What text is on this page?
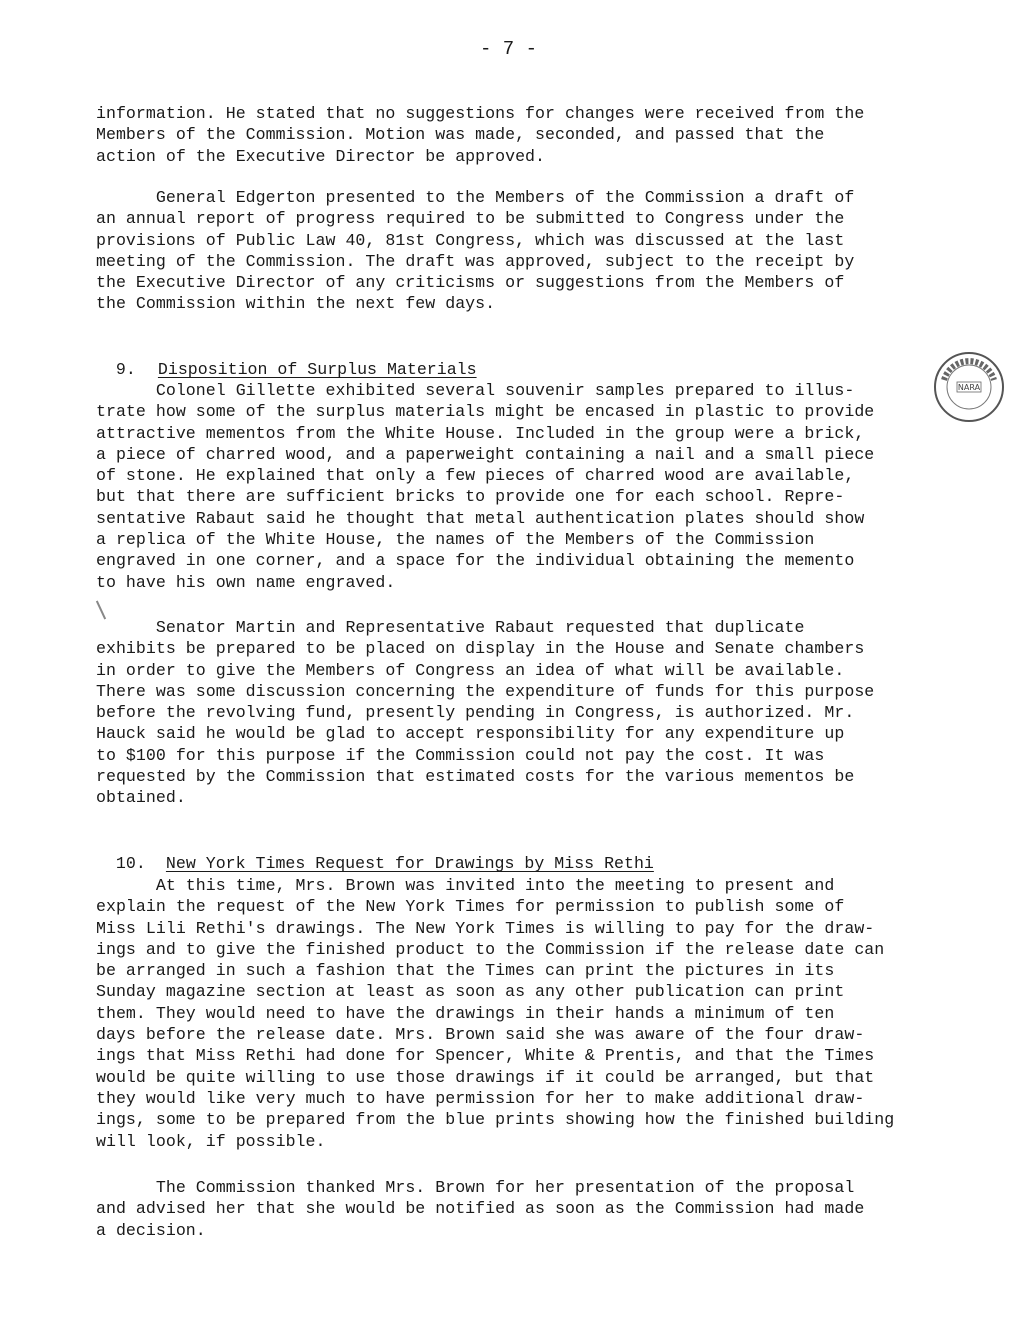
- 7 -
information. He stated that no suggestions for changes were received from the
Members of the Commission. Motion was made, seconded, and passed that the
action of the Executive Director be approved.
General Edgerton presented to the Members of the Commission a draft of
an annual report of progress required to be submitted to Congress under the
provisions of Public Law 40, 81st Congress, which was discussed at the last
meeting of the Commission. The draft was approved, subject to the receipt by
the Executive Director of any criticisms or suggestions from the Members of
the Commission within the next few days.

9. Disposition of Surplus Materials

Colonel Gillette exhibited several souvenir samples prepared to illus-
trate how some of the surplus materials might be encased in plastic to provide
attractive mementos from the White House. Included in the group were a brick,
a piece of charred wood, and a paperweight containing a nail and a small piece
of stone. He explained that only a few pieces of charred wood are available,
but that there are sufficient bricks to provide one for each school. Repre-
sentative Rabaut said he thought that metal authentication plates should show
a replica of the White House, the names of the Members of the Commission
engraved in one corner, and a space for the individual obtaining the memento
to have his own name engraved.
Senator Martin and Representative Rabaut requested that duplicate
exhibits be prepared to be placed on display in the House and Senate chambers
in order to give the Members of Congress an idea of what will be available.
There was some discussion concerning the expenditure of funds for this purpose
before the revolving fund, presently pending in Congress, is authorized. Mr.
Hauck said he would be glad to accept responsibility for any expenditure up
to $100 for this purpose if the Commission could not pay the cost. It was
requested by the Commission that estimated costs for the various mementos be
obtained.

10. New York Times Request for Drawings by Miss Rethi

At this time, Mrs. Brown was invited into the meeting to present and
explain the request of the New York Times for permission to publish some of
Miss Lili Rethi's drawings. The New York Times is willing to pay for the draw-
ings and to give the finished product to the Commission if the release date can
be arranged in such a fashion that the Times can print the pictures in its
Sunday magazine section at least as soon as any other publication can print
them. They would need to have the drawings in their hands a minimum of ten
days before the release date. Mrs. Brown said she was aware of the four draw-
ings that Miss Rethi had done for Spencer, White & Prentis, and that the Times
would be quite willing to use those drawings if it could be arranged, but that
they would like very much to have permission for her to make additional draw-
ings, some to be prepared from the blue prints showing how the finished building
will look, if possible.
The Commission thanked Mrs. Brown for her presentation of the proposal
and advised her that she would be notified as soon as the Commission had made
a decision.
NARA
